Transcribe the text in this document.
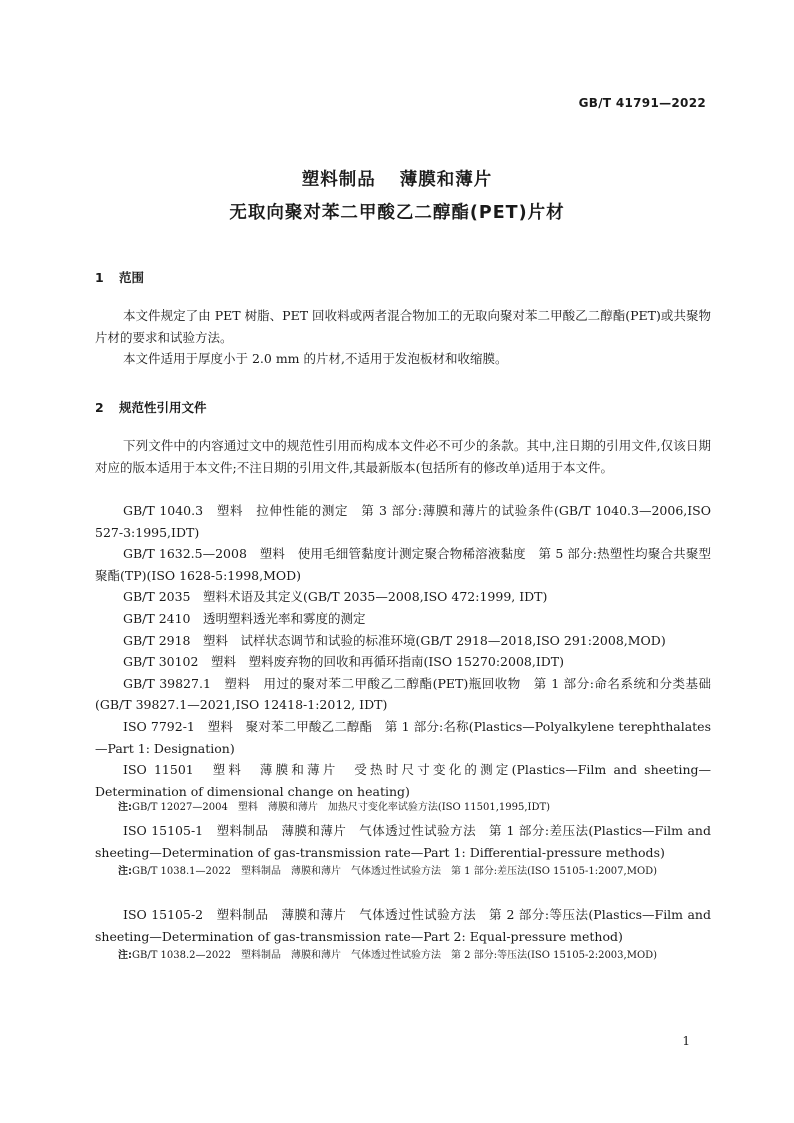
GB/T 41791—2022
塑料制品 薄膜和薄片
无取向聚对苯二甲酸乙二醇酯(PET)片材
1 范围

本文件规定了由 PET 树脂、PET 回收料或两者混合物加工的无取向聚对苯二甲酸乙二醇酯(PET)或共聚物片材的要求和试验方法。

本文件适用于厚度小于 2.0 mm 的片材,不适用于发泡板材和收缩膜。

2 规范性引用文件

下列文件中的内容通过文中的规范性引用而构成本文件必不可少的条款。其中,注日期的引用文件,仅该日期对应的版本适用于本文件;不注日期的引用文件,其最新版本(包括所有的修改单)适用于本文件。

GB/T 1040.3　塑料　拉伸性能的测定　第 3 部分:薄膜和薄片的试验条件(GB/T 1040.3—2006,ISO 527-3:1995,IDT)

GB/T 1632.5—2008　塑料　使用毛细管黏度计测定聚合物稀溶液黏度　第 5 部分:热塑性均聚合共聚型聚酯(TP)(ISO 1628-5:1998,MOD)

GB/T 2035　塑料术语及其定义(GB/T 2035—2008,ISO 472:1999, IDT)

GB/T 2410　透明塑料透光率和雾度的测定

GB/T 2918　塑料　试样状态调节和试验的标准环境(GB/T 2918—2018,ISO 291:2008,MOD)

GB/T 30102　塑料　塑料废弃物的回收和再循环指南(ISO 15270:2008,IDT)

GB/T 39827.1　塑料　用过的聚对苯二甲酸乙二醇酯(PET)瓶回收物　第 1 部分:命名系统和分类基础(GB/T 39827.1—2021,ISO 12418-1:2012, IDT)

ISO 7792-1　塑料　聚对苯二甲酸乙二醇酯　第 1 部分:名称(Plastics—Polyalkylene terephthalates—Part 1: Designation)

ISO 11501　塑料　薄膜和薄片　受热时尺寸变化的测定(Plastics—Film and sheeting—Determination of dimensional change on heating)

注:GB/T 12027—2004　塑料　薄膜和薄片　加热尺寸变化率试验方法(ISO 11501,1995,IDT)

ISO 15105-1　塑料制品　薄膜和薄片　气体透过性试验方法　第 1 部分:差压法(Plastics—Film and sheeting—Determination of gas-transmission rate—Part 1: Differential-pressure methods)

注:GB/T 1038.1—2022　塑料制品　薄膜和薄片　气体透过性试验方法　第 1 部分:差压法(ISO 15105-1:2007,MOD)

ISO 15105-2　塑料制品　薄膜和薄片　气体透过性试验方法　第 2 部分:等压法(Plastics—Film and sheeting—Determination of gas-transmission rate—Part 2: Equal-pressure method)

注:GB/T 1038.2—2022　塑料制品　薄膜和薄片　气体透过性试验方法　第 2 部分:等压法(ISO 15105-2:2003,MOD)
1
